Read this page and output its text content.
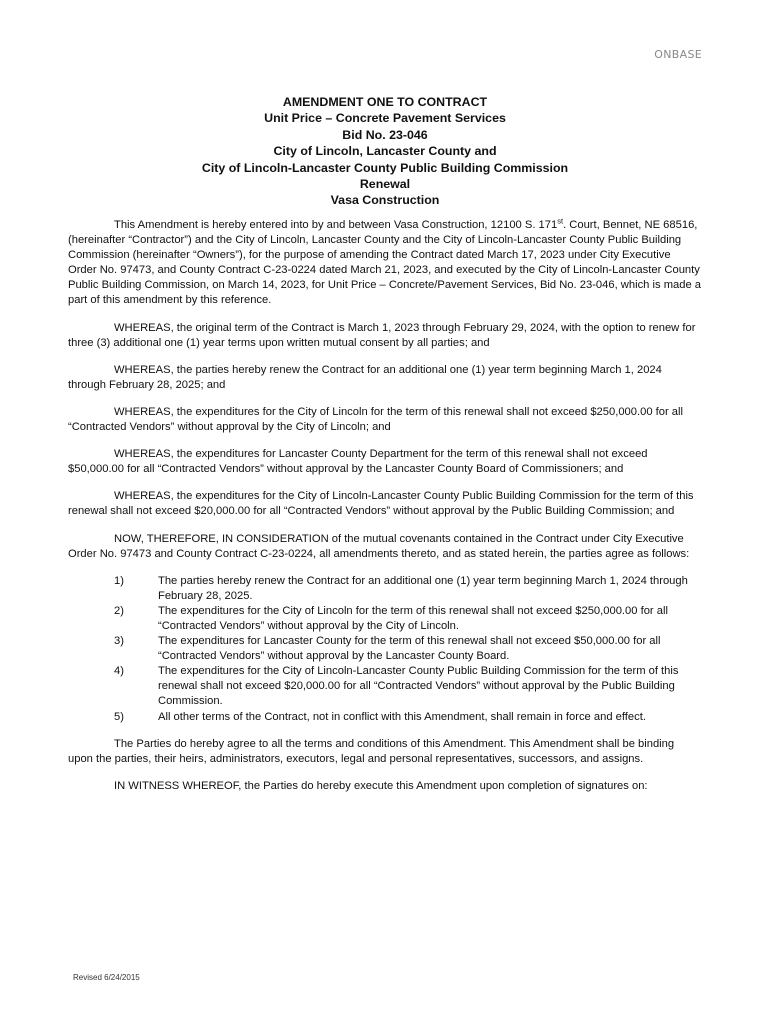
ONBASE
AMENDMENT ONE TO CONTRACT
Unit Price – Concrete Pavement Services
Bid No. 23-046
City of Lincoln, Lancaster County and
City of Lincoln-Lancaster County Public Building Commission
Renewal
Vasa Construction

This Amendment is hereby entered into by and between Vasa Construction, 12100 S. 171st. Court, Bennet, NE 68516, (hereinafter “Contractor”) and the City of Lincoln, Lancaster County and the City of Lincoln-Lancaster County Public Building Commission (hereinafter “Owners”), for the purpose of amending the Contract dated March 17, 2023 under City Executive Order No. 97473, and County Contract C-23-0224 dated March 21, 2023, and executed by the City of Lincoln-Lancaster County Public Building Commission, on March 14, 2023, for Unit Price – Concrete/Pavement Services, Bid No. 23-046, which is made a part of this amendment by this reference.

WHEREAS, the original term of the Contract is March 1, 2023 through February 29, 2024, with the option to renew for three (3) additional one (1) year terms upon written mutual consent by all parties; and

WHEREAS, the parties hereby renew the Contract for an additional one (1) year term beginning March 1, 2024 through February 28, 2025; and

WHEREAS, the expenditures for the City of Lincoln for the term of this renewal shall not exceed $250,000.00 for all “Contracted Vendors” without approval by the City of Lincoln; and

WHEREAS, the expenditures for Lancaster County Department for the term of this renewal shall not exceed $50,000.00 for all “Contracted Vendors” without approval by the Lancaster County Board of Commissioners; and

WHEREAS, the expenditures for the City of Lincoln-Lancaster County Public Building Commission for the term of this renewal shall not exceed $20,000.00 for all “Contracted Vendors” without approval by the Public Building Commission; and

NOW, THEREFORE, IN CONSIDERATION of the mutual covenants contained in the Contract under City Executive Order No. 97473 and County Contract C-23-0224, all amendments thereto, and as stated herein, the parties agree as follows:

1)	The parties hereby renew the Contract for an additional one (1) year term beginning March 1, 2024 through February 28, 2025.
2)	The expenditures for the City of Lincoln for the term of this renewal shall not exceed $250,000.00 for all “Contracted Vendors” without approval by the City of Lincoln.
3)	The expenditures for Lancaster County for the term of this renewal shall not exceed $50,000.00 for all “Contracted Vendors” without approval by the Lancaster County Board.
4)	The expenditures for the City of Lincoln-Lancaster County Public Building Commission for the term of this renewal shall not exceed $20,000.00 for all “Contracted Vendors” without approval by the Public Building Commission.
5)	All other terms of the Contract, not in conflict with this Amendment, shall remain in force and effect.

The Parties do hereby agree to all the terms and conditions of this Amendment. This Amendment shall be binding upon the parties, their heirs, administrators, executors, legal and personal representatives, successors, and assigns.

IN WITNESS WHEREOF, the Parties do hereby execute this Amendment upon completion of signatures on:

Revised 6/24/2015
